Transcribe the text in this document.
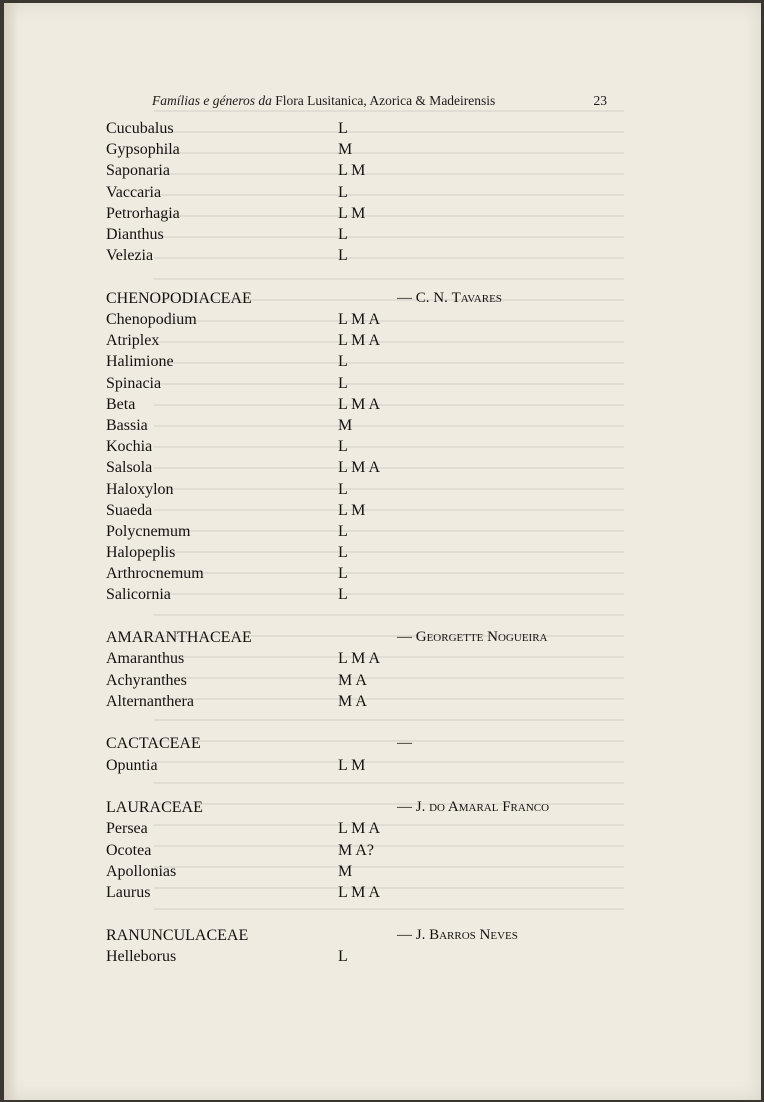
Famílias e géneros da Flora Lusitanica, Azorica & Madeirensis	23
Cucubalus	L
Gypsophila	M
Saponaria	L M
Vaccaria	L
Petrorhagia	L M
Dianthus	L
Velezia	L
CHENOPODIACEAE	— C. N. Tavares
Chenopodium	L M A
Atriplex	L M A
Halimione	L
Spinacia	L
Beta	L M A
Bassia	M
Kochia	L
Salsola	L M A
Haloxylon	L
Suaeda	L M
Polycnemum	L
Halopeplis	L
Arthrocnemum	L
Salicornia	L
AMARANTHACEAE	— Georgette Nogueira
Amaranthus	L M A
Achyranthes	M A
Alternanthera	M A
CACTACEAE	—
Opuntia	L M
LAURACEAE	— J. do Amaral Franco
Persea	L M A
Ocotea	M A?
Apollonias	M
Laurus	L M A
RANUNCULACEAE	— J. Barros Neves
Helleborus	L
